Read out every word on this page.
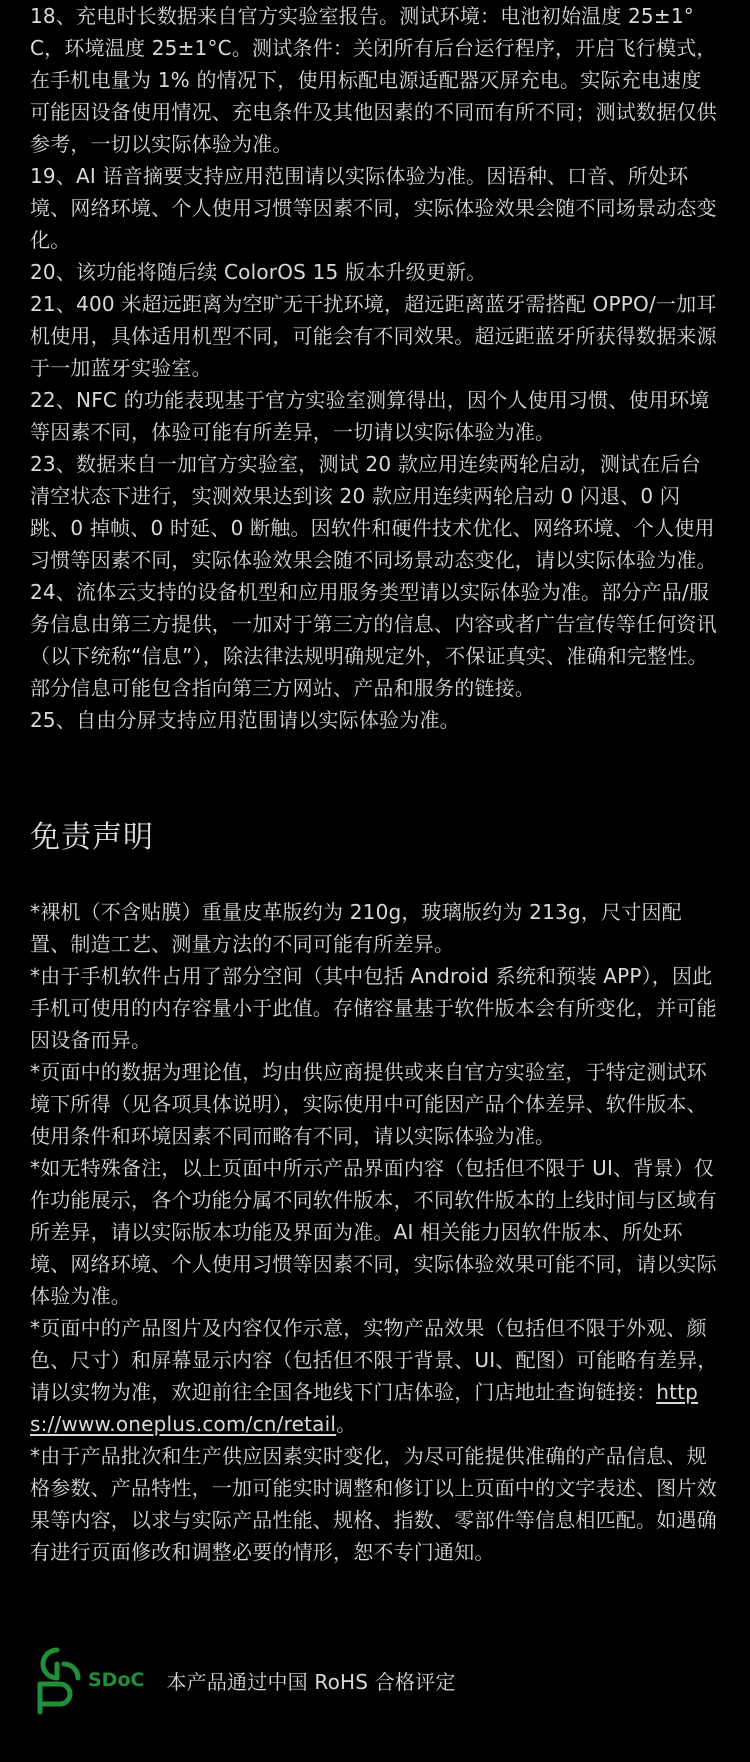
18、充电时长数据来自官方实验室报告。测试环境：电池初始温度 25±1°C，环境温度 25±1°C。测试条件：关闭所有后台运行程序，开启飞行模式，在手机电量为 1% 的情况下，使用标配电源适配器灭屏充电。实际充电速度可能因设备使用情况、充电条件及其他因素的不同而有所不同；测试数据仅供参考，一切以实际体验为准。
19、AI 语音摘要支持应用范围请以实际体验为准。因语种、口音、所处环境、网络环境、个人使用习惯等因素不同，实际体验效果会随不同场景动态变化。
20、该功能将随后续 ColorOS 15 版本升级更新。
21、400 米超远距离为空旷无干扰环境，超远距离蓝牙需搭配 OPPO/一加耳机使用，具体适用机型不同，可能会有不同效果。超远距蓝牙所获得数据来源于一加蓝牙实验室。
22、NFC 的功能表现基于官方实验室测算得出，因个人使用习惯、使用环境等因素不同，体验可能有所差异，一切请以实际体验为准。
23、数据来自一加官方实验室，测试 20 款应用连续两轮启动，测试在后台清空状态下进行，实测效果达到该 20 款应用连续两轮启动 0 闪退、0 闪跳、0 掉帧、0 时延、0 断触。因软件和硬件技术优化、网络环境、个人使用习惯等因素不同，实际体验效果会随不同场景动态变化，请以实际体验为准。
24、流体云支持的设备机型和应用服务类型请以实际体验为准。部分产品/服务信息由第三方提供，一加对于第三方的信息、内容或者广告宣传等任何资讯（以下统称“信息”），除法律法规明确规定外，不保证真实、准确和完整性。部分信息可能包含指向第三方网站、产品和服务的链接。
25、自由分屏支持应用范围请以实际体验为准。
免责声明

*裸机（不含贴膜）重量皮革版约为 210g，玻璃版约为 213g，尺寸因配置、制造工艺、测量方法的不同可能有所差异。

*由于手机软件占用了部分空间（其中包括 Android 系统和预装 APP），因此手机可使用的内存容量小于此值。存储容量基于软件版本会有所变化，并可能因设备而异。

*页面中的数据为理论值，均由供应商提供或来自官方实验室，于特定测试环境下所得（见各项具体说明），实际使用中可能因产品个体差异、软件版本、使用条件和环境因素不同而略有不同，请以实际体验为准。

*如无特殊备注，以上页面中所示产品界面内容（包括但不限于 UI、背景）仅作功能展示，各个功能分属不同软件版本，不同软件版本的上线时间与区域有所差异，请以实际版本功能及界面为准。AI 相关能力因软件版本、所处环境、网络环境、个人使用习惯等因素不同，实际体验效果可能不同，请以实际体验为准。

*页面中的产品图片及内容仅作示意，实物产品效果（包括但不限于外观、颜色、尺寸）和屏幕显示内容（包括但不限于背景、UI、配图）可能略有差异，请以实物为准，欢迎前往全国各地线下门店体验，门店地址查询链接：https://www.oneplus.com/cn/retail。

*由于产品批次和生产供应因素实时变化，为尽可能提供准确的产品信息、规格参数、产品特性，一加可能实时调整和修订以上页面中的文字表述、图片效果等内容，以求与实际产品性能、规格、指数、零部件等信息相匹配。如遇确有进行页面修改和调整必要的情形，恕不专门通知。

SDoC 本产品通过中国 RoHS 合格评定
